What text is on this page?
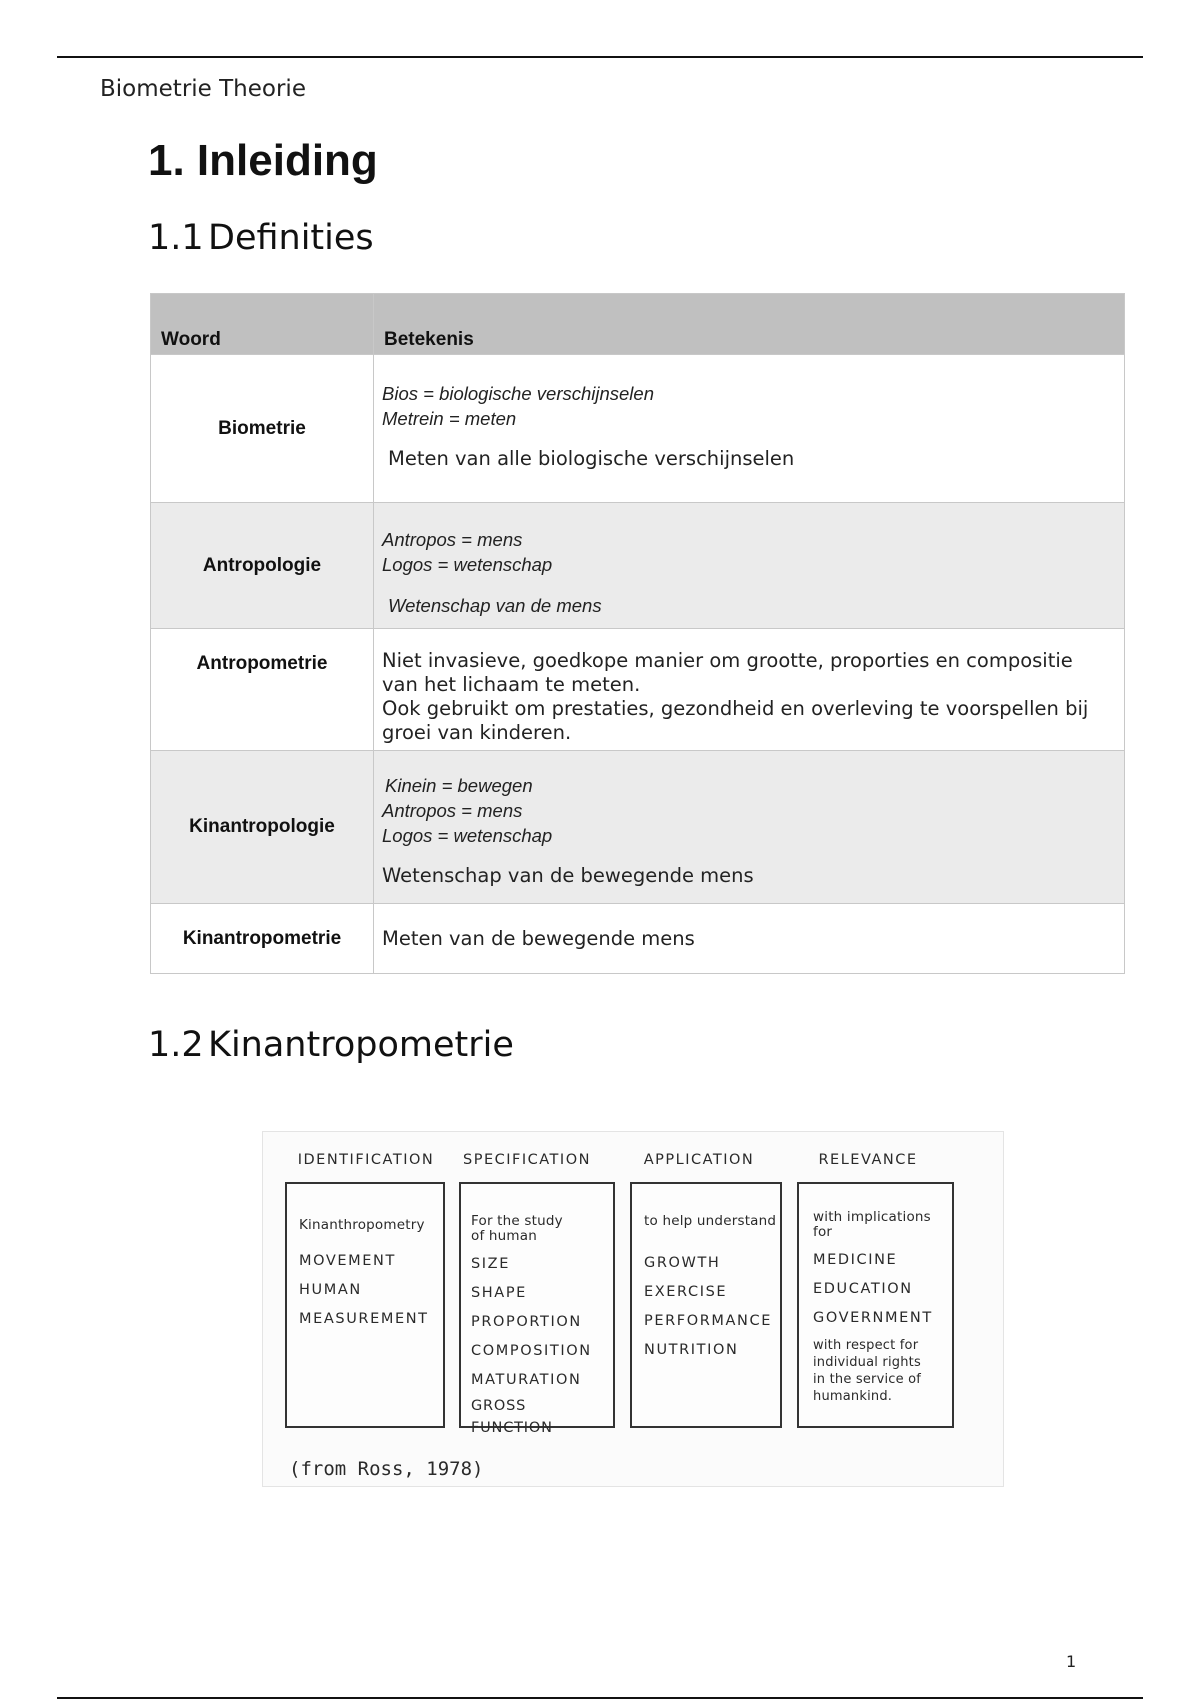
Biometrie Theorie
1. Inleiding
1.1 Definities
Woord	Betekenis
Biometrie	Bios = biologische verschijnselen
Metrein = meten
Meten van alle biologische verschijnselen

Antropologie	Antropos = mens
Logos = wetenschap
Wetenschap van de mens

Antropometrie	Niet invasieve, goedkope manier om grootte, proporties en compositie
van het lichaam te meten.
Ook gebruikt om prestaties, gezondheid en overleving te voorspellen bij
groei van kinderen.

Kinantropologie	Kinein = bewegen
Antropos = mens
Logos = wetenschap
Wetenschap van de bewegende mens

Kinantropometrie	Meten van de bewegende mens
1.2 Kinantropometrie
IDENTIFICATION	SPECIFICATION	APPLICATION	RELEVANCE
Kinanthropometry
MOVEMENT
HUMAN
MEASUREMENT
For the study
of human
SIZE
SHAPE
PROPORTION
COMPOSITION
MATURATION
GROSS FUNCTION
to help understand
GROWTH
EXERCISE
PERFORMANCE
NUTRITION
with implications
for
MEDICINE
EDUCATION
GOVERNMENT
with respect for
individual rights
in the service of
humankind.
(from Ross, 1978)
1
